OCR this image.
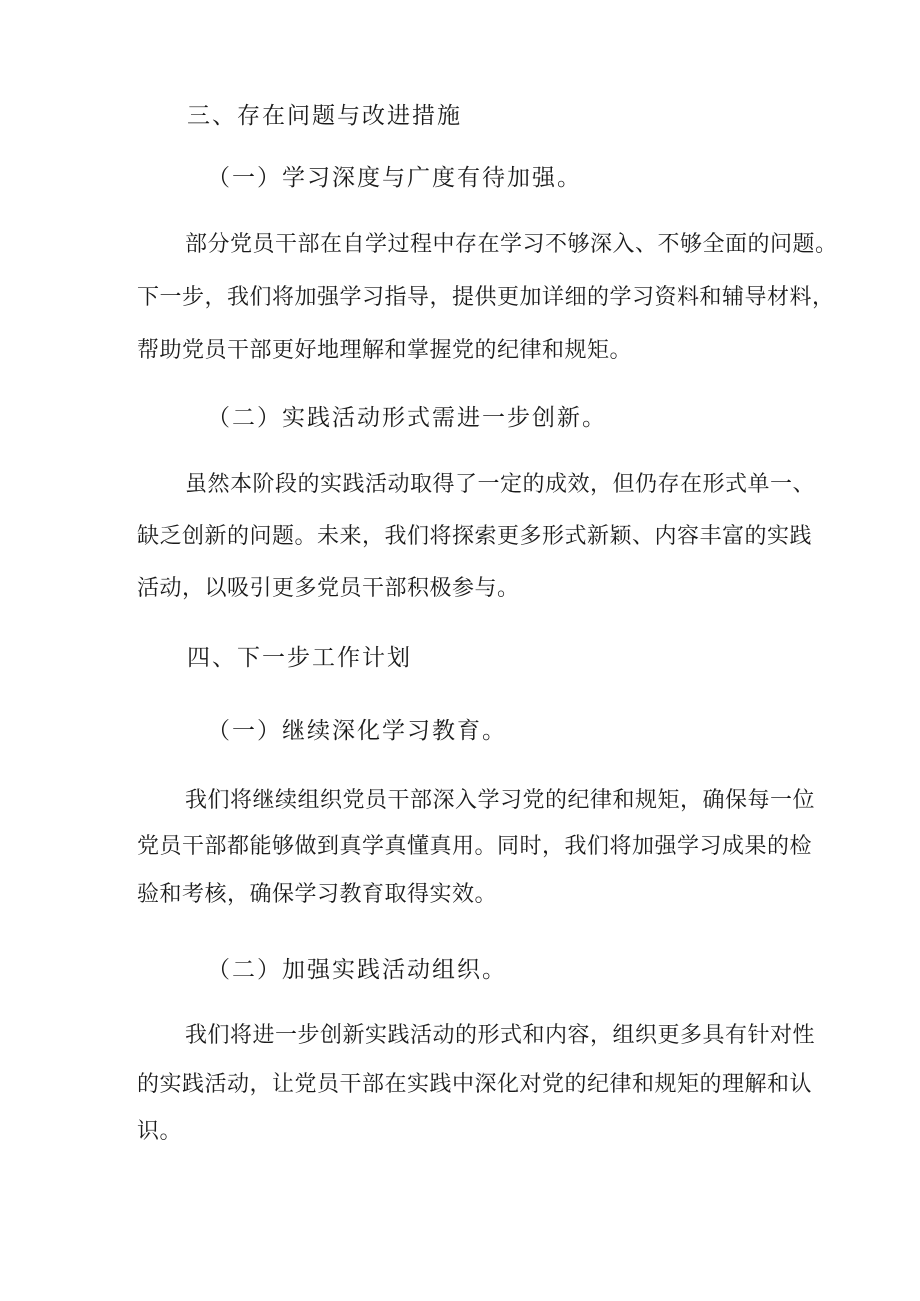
三、存在问题与改进措施
（一）学习深度与广度有待加强。

部分党员干部在自学过程中存在学习不够深入、不够全面的问题。

下一步，我们将加强学习指导，提供更加详细的学习资料和辅导材料，

帮助党员干部更好地理解和掌握党的纪律和规矩。

（二）实践活动形式需进一步创新。

虽然本阶段的实践活动取得了一定的成效，但仍存在形式单一、

缺乏创新的问题。未来，我们将探索更多形式新颖、内容丰富的实践

活动，以吸引更多党员干部积极参与。

四、下一步工作计划
（一）继续深化学习教育。

我们将继续组织党员干部深入学习党的纪律和规矩，确保每一位

党员干部都能够做到真学真懂真用。同时，我们将加强学习成果的检

验和考核，确保学习教育取得实效。

（二）加强实践活动组织。

我们将进一步创新实践活动的形式和内容，组织更多具有针对性

的实践活动，让党员干部在实践中深化对党的纪律和规矩的理解和认

识。
